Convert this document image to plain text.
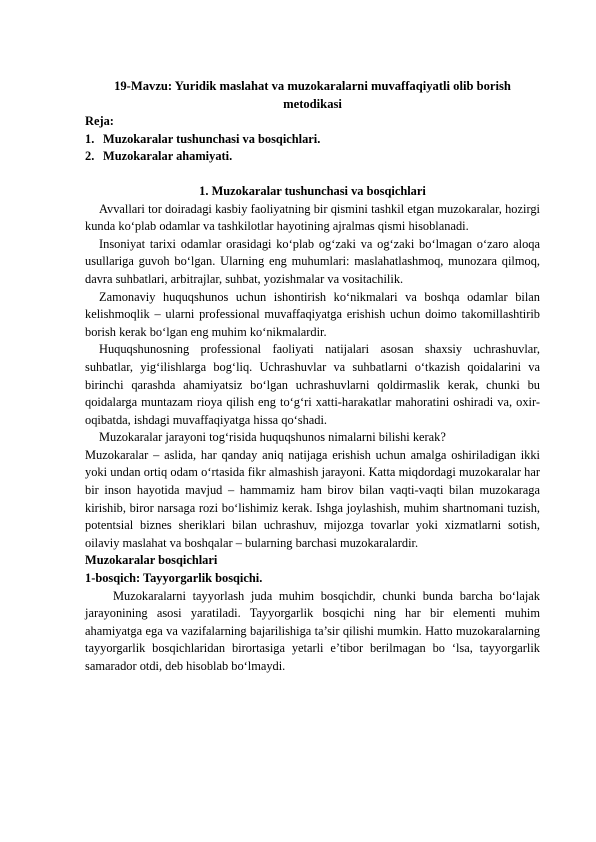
19-Mavzu: Yuridik maslahat va muzokaralarni muvaffaqiyatli olib borish metodikasi

Reja:

1. Muzokaralar tushunchasi va bosqichlari.

2. Muzokaralar ahamiyati.

1. Muzokaralar tushunchasi va bosqichlari

Avvallari tor doiradagi kasbiy faoliyatning bir qismini tashkil etgan muzokaralar, hozirgi kunda ko‘plab odamlar va tashkilotlar hayotining ajralmas qismi hisoblanadi.

Insoniyat tarixi odamlar orasidagi ko‘plab og‘zaki va og‘zaki bo‘lmagan o‘zaro aloqa usullariga guvoh bo‘lgan. Ularning eng muhumlari: maslahatlashmoq, munozara qilmoq, davra suhbatlari, arbitrajlar, suhbat, yozishmalar va vositachilik.

Zamonaviy huquqshunos uchun ishontirish ko‘nikmalari va boshqa odamlar bilan kelishmoqlik – ularni professional muvaffaqiyatga erishish uchun doimo takomillashtirib borish kerak bo‘lgan eng muhim ko‘nikmalardir.

Huquqshunosning professional faoliyati natijalari asosan shaxsiy uchrashuvlar, suhbatlar, yig‘ilishlarga bog‘liq. Uchrashuvlar va suhbatlarni o‘tkazish qoidalarini va birinchi qarashda ahamiyatsiz bo‘lgan uchrashuvlarni qoldirmaslik kerak, chunki bu qoidalarga muntazam rioya qilish eng to‘g‘ri xatti-harakatlar mahoratini oshiradi va, oxir-oqibatda, ishdagi muvaffaqiyatga hissa qo‘shadi.

Muzokaralar jarayoni tog‘risida huquqshunos nimalarni bilishi kerak?

Muzokaralar – aslida, har qanday aniq natijaga erishish uchun amalga oshiriladigan ikki yoki undan ortiq odam o‘rtasida fikr almashish jarayoni. Katta miqdordagi muzokaralar har bir inson hayotida mavjud – hammamiz ham birov bilan vaqti-vaqti bilan muzokaraga kirishib, biror narsaga rozi bo‘lishimiz kerak. Ishga joylashish, muhim shartnomani tuzish, potentsial biznes sheriklari bilan uchrashuv, mijozga tovarlar yoki xizmatlarni sotish, oilaviy maslahat va boshqalar – bularning barchasi muzokaralardir.

Muzokaralar bosqichlari

1-bosqich: Tayyorgarlik bosqichi.

Muzokaralarni tayyorlash juda muhim bosqichdir, chunki bunda barcha bo‘lajak jarayonining asosi yaratiladi. Tayyorgarlik bosqichi ning har bir elementi muhim ahamiyatga ega va vazifalarning bajarilishiga ta’sir qilishi mumkin. Hatto muzokaralarning tayyorgarlik bosqichlaridan birortasiga yetarli e’tibor berilmagan bo ‘lsa, tayyorgarlik samarador otdi, deb hisoblab bo‘lmaydi.
